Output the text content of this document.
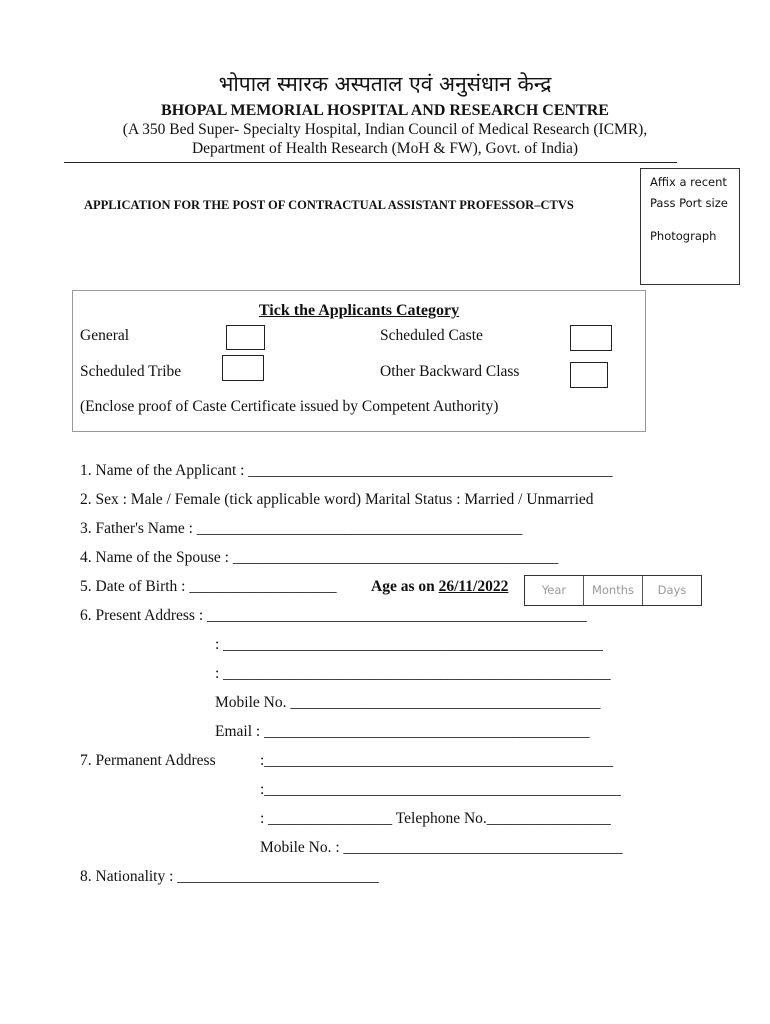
भोपाल स्मारक अस्पताल एवं अनुसंधान केन्द्र
BHOPAL MEMORIAL HOSPITAL AND RESEARCH CENTRE
(A 350 Bed Super- Specialty Hospital, Indian Council of Medical Research (ICMR),
Department of Health Research (MoH & FW), Govt. of India)
APPLICATION FOR THE POST OF CONTRACTUAL ASSISTANT PROFESSOR–CTVS
Affix a recent
Pass Port size
Photograph
Tick the Applicants Category
General	Scheduled Caste
Scheduled Tribe	Other Backward Class
(Enclose proof of Caste Certificate issued by Competent Authority)
1. Name of the Applicant : _______________________________________________
2. Sex : Male / Female (tick applicable word) Marital Status : Married / Unmarried
3. Father's Name : __________________________________________
4. Name of the Spouse : __________________________________________
5. Date of Birth : ___________________ Age as on 26/11/2022	Year	Months	Days
6. Present Address : _________________________________________________
: _________________________________________________
: __________________________________________________
Mobile No. ________________________________________
Email : __________________________________________
7. Permanent Address	:_____________________________________________
:______________________________________________
: ________________ Telephone No.________________
Mobile No. : ____________________________________
8. Nationality : __________________________
